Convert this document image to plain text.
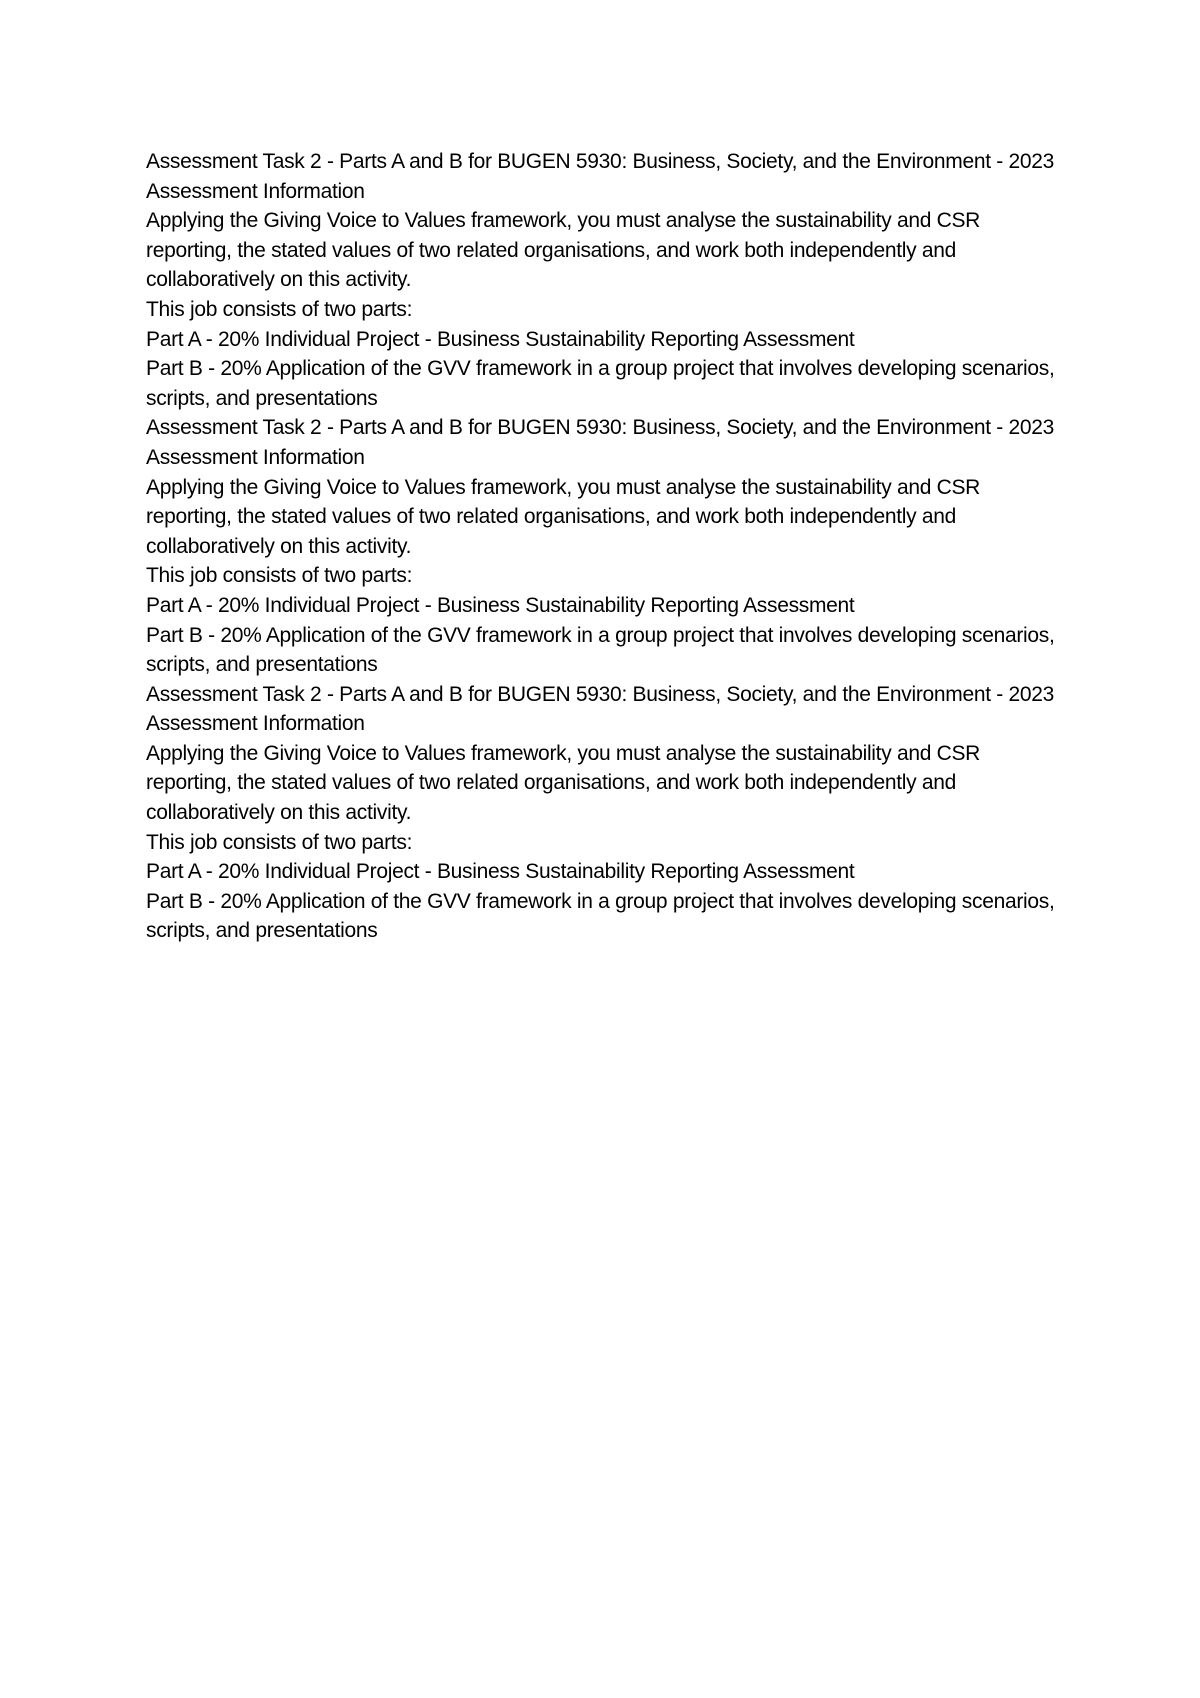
Assessment Task 2 - Parts A and B for BUGEN 5930: Business, Society, and the Environment - 2023

Assessment Information

Applying the Giving Voice to Values framework, you must analyse the sustainability and CSR reporting, the stated values of two related organisations, and work both independently and collaboratively on this activity.

This job consists of two parts:

Part A - 20% Individual Project - Business Sustainability Reporting Assessment

Part B - 20% Application of the GVV framework in a group project that involves developing scenarios, scripts, and presentations

Assessment Task 2 - Parts A and B for BUGEN 5930: Business, Society, and the Environment - 2023

Assessment Information

Applying the Giving Voice to Values framework, you must analyse the sustainability and CSR reporting, the stated values of two related organisations, and work both independently and collaboratively on this activity.

This job consists of two parts:

Part A - 20% Individual Project - Business Sustainability Reporting Assessment

Part B - 20% Application of the GVV framework in a group project that involves developing scenarios, scripts, and presentations

Assessment Task 2 - Parts A and B for BUGEN 5930: Business, Society, and the Environment - 2023

Assessment Information

Applying the Giving Voice to Values framework, you must analyse the sustainability and CSR reporting, the stated values of two related organisations, and work both independently and collaboratively on this activity.

This job consists of two parts:

Part A - 20% Individual Project - Business Sustainability Reporting Assessment

Part B - 20% Application of the GVV framework in a group project that involves developing scenarios, scripts, and presentations
